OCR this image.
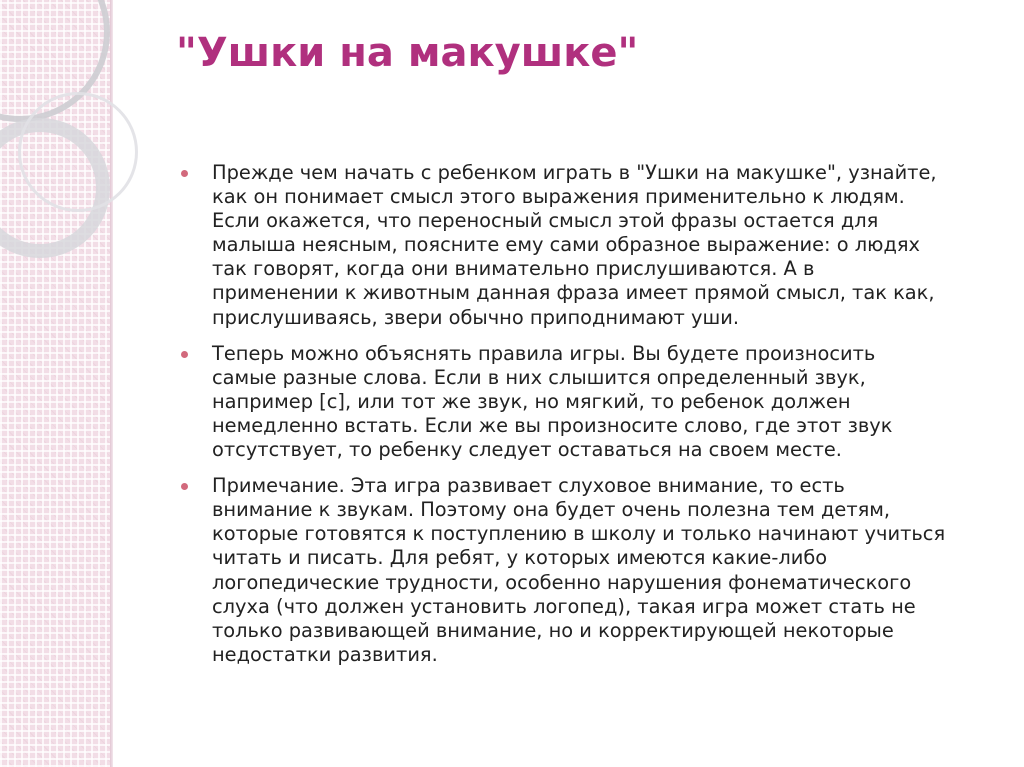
"Ушки на макушке"
Прежде чем начать с ребенком играть в "Ушки на макушке", узнайте,
как он понимает смысл этого выражения применительно к людям.
Если окажется, что переносный смысл этой фразы остается для
малыша неясным, поясните ему сами образное выражение: о людях
так говорят, когда они внимательно прислушиваются. А в
применении к животным данная фраза имеет прямой смысл, так как,
прислушиваясь, звери обычно приподнимают уши.
Теперь можно объяснять правила игры. Вы будете произносить
самые разные слова. Если в них слышится определенный звук,
например [с], или тот же звук, но мягкий, то ребенок должен
немедленно встать. Если же вы произносите слово, где этот звук
отсутствует, то ребенку следует оставаться на своем месте.
Примечание. Эта игра развивает слуховое внимание, то есть
внимание к звукам. Поэтому она будет очень полезна тем детям,
которые готовятся к поступлению в школу и только начинают учиться
читать и писать. Для ребят, у которых имеются какие-либо
логопедические трудности, особенно нарушения фонематического
слуха (что должен установить логопед), такая игра может стать не
только развивающей внимание, но и корректирующей некоторые
недостатки развития.
